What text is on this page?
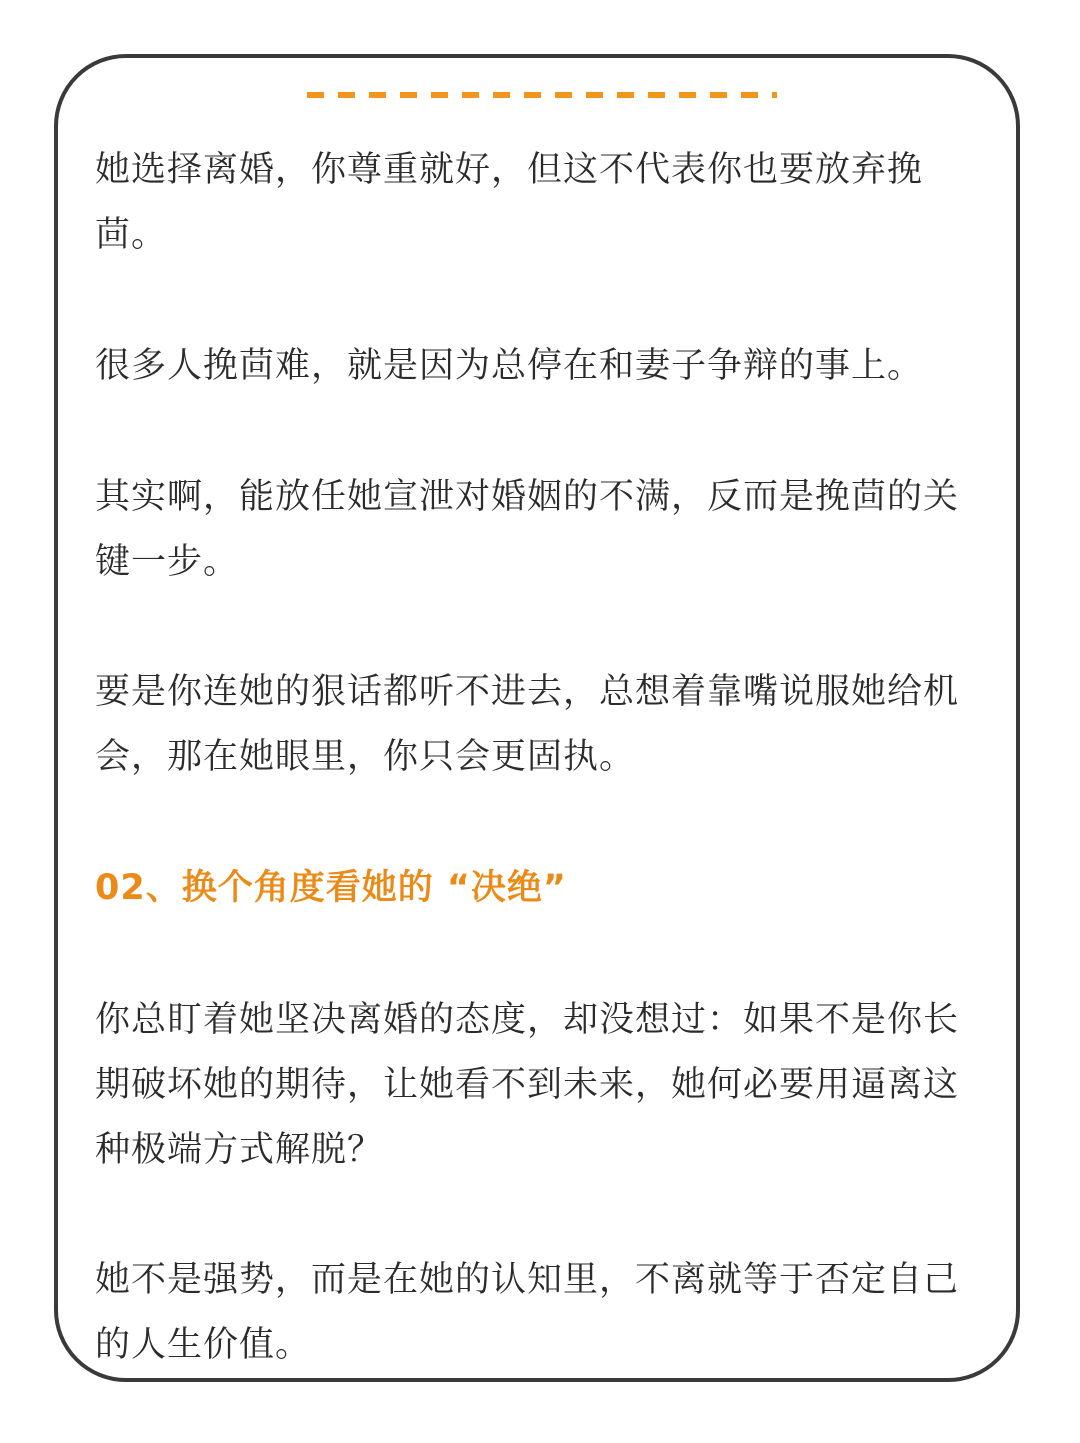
她选择离婚，你尊重就好，但这不代表你也要放弃挽茴。

很多人挽茴难，就是因为总停在和妻子争辩的事上。

其实啊，能放任她宣泄对婚姻的不满，反而是挽茴的关键一步。

要是你连她的狠话都听不进去，总想着靠嘴说服她给机会，那在她眼里，你只会更固执。

02、换个角度看她的 “决绝”

你总盯着她坚决离婚的态度，却没想过：如果不是你长期破坏她的期待，让她看不到未来，她何必要用逼离这种极端方式解脱？

她不是强势，而是在她的认知里，不离就等于否定自己的人生价值。
